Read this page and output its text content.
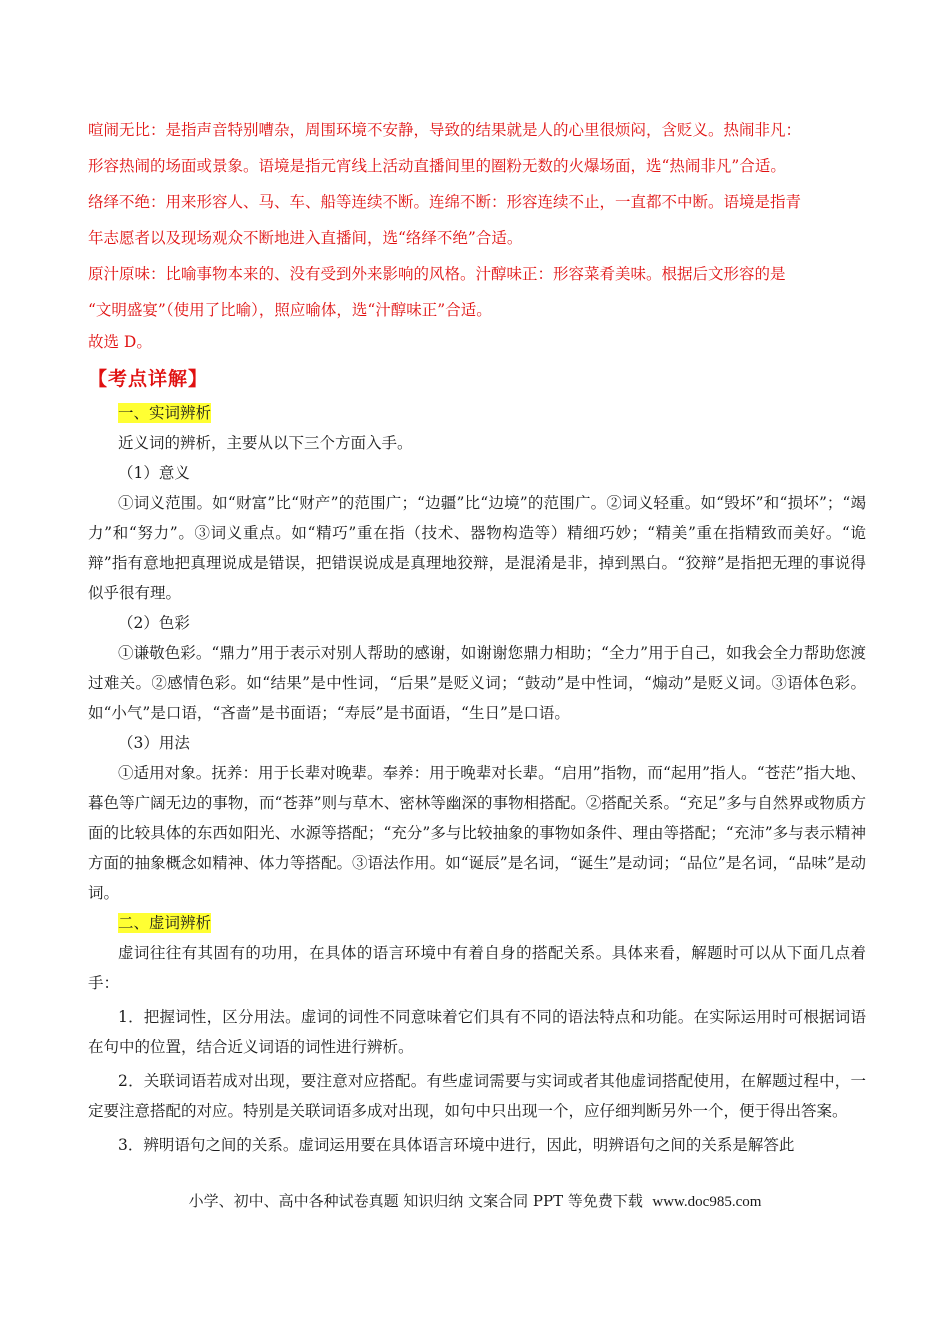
喧闹无比：是指声音特别嘈杂，周围环境不安静，导致的结果就是人的心里很烦闷，含贬义。热闹非凡：

形容热闹的场面或景象。语境是指元宵线上活动直播间里的圈粉无数的火爆场面，选“热闹非凡”合适。

络绎不绝：用来形容人、马、车、船等连续不断。连绵不断：形容连续不止，一直都不中断。语境是指青

年志愿者以及现场观众不断地进入直播间，选“络绎不绝”合适。

原汁原味：比喻事物本来的、没有受到外来影响的风格。汁醇味正：形容菜肴美味。根据后文形容的是

“文明盛宴”（使用了比喻），照应喻体，选“汁醇味正”合适。

故选 D。

【考点详解】

一、实词辨析

近义词的辨析，主要从以下三个方面入手。

（1）意义

①词义范围。如“财富”比“财产”的范围广；“边疆”比“边境”的范围广。②词义轻重。如“毁坏”和“损坏”；“竭力”和“努力”。③词义重点。如“精巧”重在指（技术、器物构造等）精细巧妙；“精美”重在指精致而美好。“诡辩”指有意地把真理说成是错误，把错误说成是真理地狡辩，是混淆是非，掉到黑白。“狡辩”是指把无理的事说得似乎很有理。

（2）色彩

①谦敬色彩。“鼎力”用于表示对别人帮助的感谢，如谢谢您鼎力相助；“全力”用于自己，如我会全力帮助您渡过难关。②感情色彩。如“结果”是中性词，“后果”是贬义词；“鼓动”是中性词，“煽动”是贬义词。③语体色彩。如“小气”是口语，“吝啬”是书面语；“寿辰”是书面语，“生日”是口语。

（3）用法

①适用对象。抚养：用于长辈对晚辈。奉养：用于晚辈对长辈。“启用”指物，而“起用”指人。“苍茫”指大地、暮色等广阔无边的事物，而“苍莽”则与草木、密林等幽深的事物相搭配。②搭配关系。“充足”多与自然界或物质方面的比较具体的东西如阳光、水源等搭配；“充分”多与比较抽象的事物如条件、理由等搭配；“充沛”多与表示精神方面的抽象概念如精神、体力等搭配。③语法作用。如“诞辰”是名词，“诞生”是动词；“品位”是名词，“品味”是动词。

二、虚词辨析

虚词往往有其固有的功用，在具体的语言环境中有着自身的搭配关系。具体来看，解题时可以从下面几点着手：

1．把握词性，区分用法。虚词的词性不同意味着它们具有不同的语法特点和功能。在实际运用时可根据词语在句中的位置，结合近义词语的词性进行辨析。

2．关联词语若成对出现，要注意对应搭配。有些虚词需要与实词或者其他虚词搭配使用，在解题过程中，一定要注意搭配的对应。特别是关联词语多成对出现，如句中只出现一个，应仔细判断另外一个，便于得出答案。

3．辨明语句之间的关系。虚词运用要在具体语言环境中进行，因此，明辨语句之间的关系是解答此

小学、初中、高中各种试卷真题 知识归纳 文案合同 PPT 等免费下载 www.doc985.com
